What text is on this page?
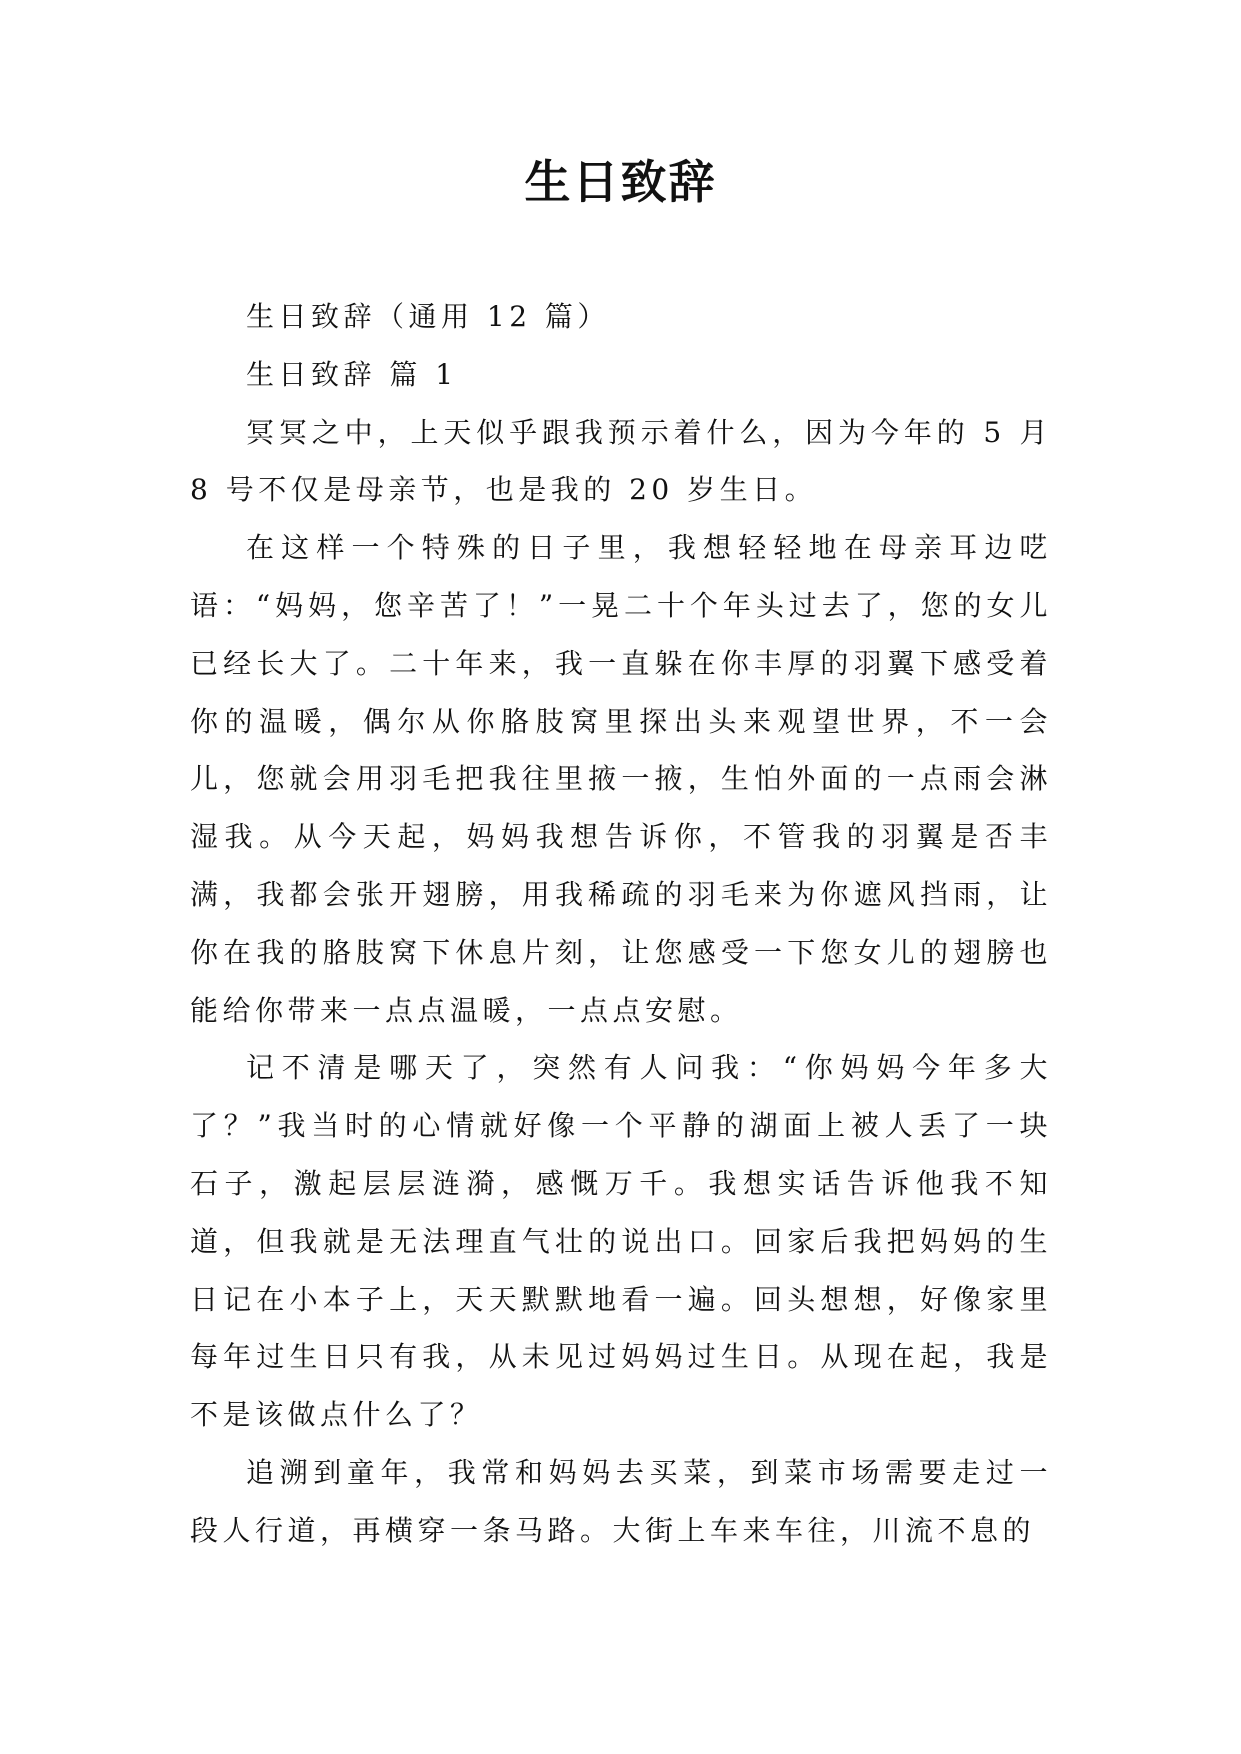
生日致辞

生日致辞（通用 12 篇）

生日致辞 篇 1

冥冥之中，上天似乎跟我预示着什么，因为今年的 5 月 8 号不仅是母亲节，也是我的 20 岁生日。

在这样一个特殊的日子里，我想轻轻地在母亲耳边呓语：“妈妈，您辛苦了！”一晃二十个年头过去了，您的女儿已经长大了。二十年来，我一直躲在你丰厚的羽翼下感受着你的温暖，偶尔从你胳肢窝里探出头来观望世界，不一会儿，您就会用羽毛把我往里掖一掖，生怕外面的一点雨会淋湿我。从今天起，妈妈我想告诉你，不管我的羽翼是否丰满，我都会张开翅膀，用我稀疏的羽毛来为你遮风挡雨，让你在我的胳肢窝下休息片刻，让您感受一下您女儿的翅膀也能给你带来一点点温暖，一点点安慰。

记不清是哪天了，突然有人问我：“你妈妈今年多大了？”我当时的心情就好像一个平静的湖面上被人丢了一块石子，激起层层涟漪，感慨万千。我想实话告诉他我不知道，但我就是无法理直气壮的说出口。回家后我把妈妈的生日记在小本子上，天天默默地看一遍。回头想想，好像家里每年过生日只有我，从未见过妈妈过生日。从现在起，我是不是该做点什么了？

追溯到童年，我常和妈妈去买菜，到菜市场需要走过一段人行道，再横穿一条马路。大街上车来车往，川流不息的
